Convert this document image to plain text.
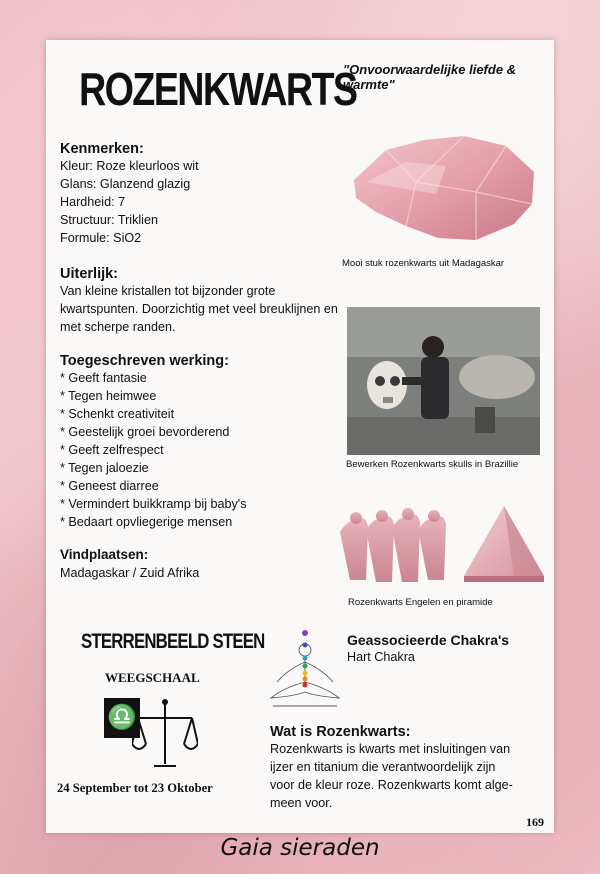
ROZENKWARTS
"Onvoorwaardelijke liefde & warmte"
Kenmerken:

Kleur: Roze kleurloos wit

Glans: Glanzend glazig

Hardheid: 7

Structuur: Triklien

Formule: SiO2

Uiterlijk:
Van kleine kristallen tot bijzonder grote kwartspunten. Doorzichtig met veel breuklijnen en met scherpe randen.
Toegeschreven werking:
* Geeft fantasie
* Tegen heimwee
* Schenkt creativiteit
* Geestelijk groei bevorderend
* Geeft zelfrespect
* Tegen jaloezie
* Geneest diarree
* Vermindert buikkramp bij baby's
* Bedaart opvliegerige mensen
Vindplaatsen:
Madagaskar / Zuid Afrika
Mooi stuk rozenkwarts uit Madagaskar
Bewerken Rozenkwarts skulls in Brazillie
Rozenkwarts Engelen en piramide
STERRENBEELD STEEN
WEEGSCHAAL
♎
24 September tot 23 Oktober
Geassocieerde Chakra's
Hart Chakra
Wat is Rozenkwarts:

Rozenkwarts is kwarts met insluitingen van

ijzer en titanium die verantwoordelijk zijn

voor de kleur roze. Rozenkwarts komt alge-

meen voor.

169
Gaia sieraden
